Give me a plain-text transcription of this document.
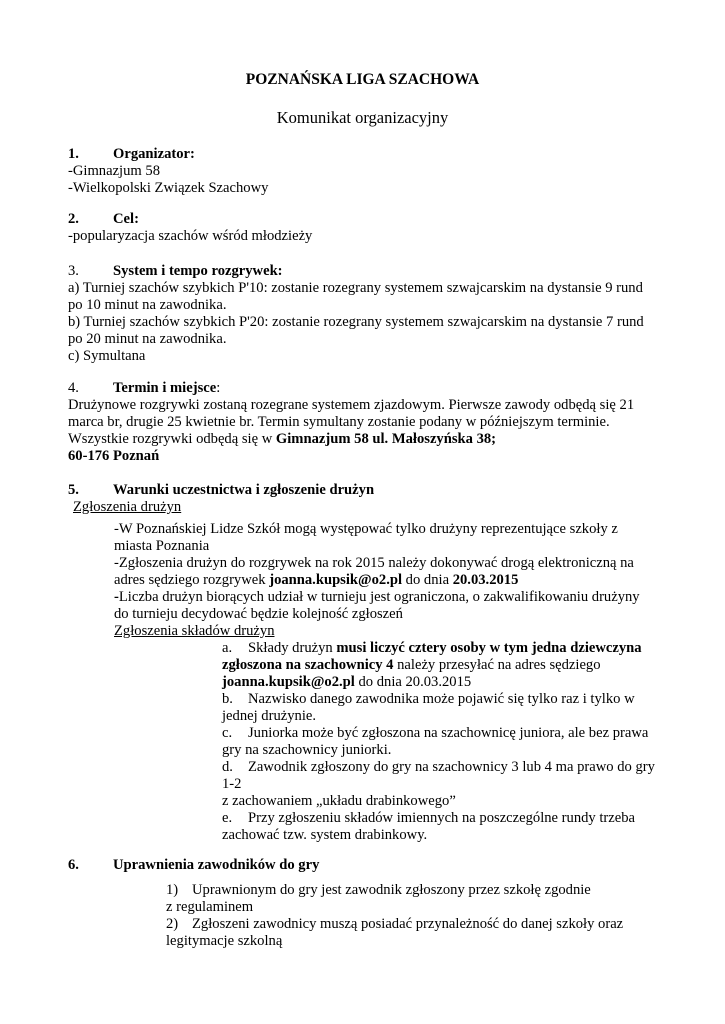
POZNAŃSKA LIGA SZACHOWA
Komunikat organizacyjny
1. Organizator:
-Gimnazjum 58
-Wielkopolski Związek Szachowy
2. Cel:
-popularyzacja szachów wśród młodzieży
3. System i tempo rozgrywek:
a) Turniej szachów szybkich P'10: zostanie rozegrany systemem szwajcarskim na dystansie 9 rund
po 10 minut na zawodnika.
b) Turniej szachów szybkich P'20: zostanie rozegrany systemem szwajcarskim na dystansie 7 rund
po 20 minut na zawodnika.
c) Symultana
4. Termin i miejsce:
Drużynowe rozgrywki zostaną rozegrane systemem zjazdowym. Pierwsze zawody odbędą się 21
marca br, drugie 25 kwietnie br. Termin symultany zostanie podany w późniejszym terminie.
Wszystkie rozgrywki odbędą się w Gimnazjum 58 ul. Małoszyńska 38;
60-176 Poznań
5. Warunki uczestnictwa i zgłoszenie drużyn
Zgłoszenia drużyn
-W Poznańskiej Lidze Szkół mogą występować tylko drużyny reprezentujące szkoły z
miasta Poznania
-Zgłoszenia drużyn do rozgrywek na rok 2015 należy dokonywać drogą elektroniczną na
adres sędziego rozgrywek joanna.kupsik@o2.pl do dnia 20.03.2015
-Liczba drużyn biorących udział w turnieju jest ograniczona, o zakwalifikowaniu drużyny
do turnieju decydować będzie kolejność zgłoszeń
Zgłoszenia składów drużyn
a. Składy drużyn musi liczyć cztery osoby w tym jedna dziewczyna
zgłoszona na szachownicy 4 należy przesyłać na adres sędziego
joanna.kupsik@o2.pl do dnia 20.03.2015
b. Nazwisko danego zawodnika może pojawić się tylko raz i tylko w
jednej drużynie.
c. Juniorka może być zgłoszona na szachownicę juniora, ale bez prawa
gry na szachownicy juniorki.
d. Zawodnik zgłoszony do gry na szachownicy 3 lub 4 ma prawo do gry
1-2
z zachowaniem „układu drabinkowego”
e. Przy zgłoszeniu składów imiennych na poszczególne rundy trzeba
zachować tzw. system drabinkowy.
6. Uprawnienia zawodników do gry
1) Uprawnionym do gry jest zawodnik zgłoszony przez szkołę zgodnie
z regulaminem
2) Zgłoszeni zawodnicy muszą posiadać przynależność do danej szkoły oraz
legitymacje szkolną
